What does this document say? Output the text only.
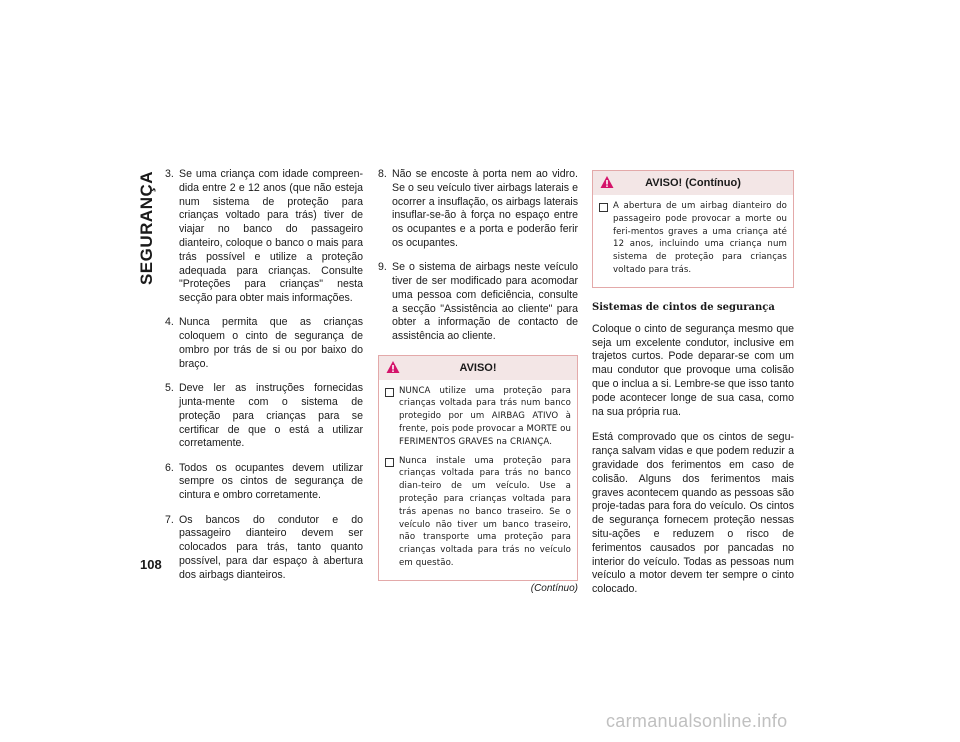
SEGURANÇA
108
3. Se uma criança com idade compreen-dida entre 2 e 12 anos (que não esteja num sistema de proteção para crianças voltado para trás) tiver de viajar no banco do passageiro dianteiro, coloque o banco o mais para trás possível e utilize a proteção adequada para crianças. Consulte "Proteções para crianças" nesta secção para obter mais informações.
4. Nunca permita que as crianças coloquem o cinto de segurança de ombro por trás de si ou por baixo do braço.
5. Deve ler as instruções fornecidas junta-mente com o sistema de proteção para crianças para se certificar de que o está a utilizar corretamente.
6. Todos os ocupantes devem utilizar sempre os cintos de segurança de cintura e ombro corretamente.
7. Os bancos do condutor e do passageiro dianteiro devem ser colocados para trás, tanto quanto possível, para dar espaço à abertura dos airbags dianteiros.
8. Não se encoste à porta nem ao vidro. Se o seu veículo tiver airbags laterais e ocorrer a insuflação, os airbags laterais insuflar-se-ão à força no espaço entre os ocupantes e a porta e poderão ferir os ocupantes.
9. Se o sistema de airbags neste veículo tiver de ser modificado para acomodar uma pessoa com deficiência, consulte a secção "Assistência ao cliente" para obter a informação de contacto de assistência ao cliente.
AVISO!
NUNCA utilize uma proteção para crianças voltada para trás num banco protegido por um AIRBAG ATIVO à frente, pois pode provocar a MORTE ou FERIMENTOS GRAVES na CRIANÇA.
Nunca instale uma proteção para crianças voltada para trás no banco dian-teiro de um veículo. Use a proteção para crianças voltada para trás apenas no banco traseiro. Se o veículo não tiver um banco traseiro, não transporte uma proteção para crianças voltada para trás no veículo em questão.
(Contínuo)
AVISO! (Contínuo)
A abertura de um airbag dianteiro do passageiro pode provocar a morte ou feri-mentos graves a uma criança até 12 anos, incluindo uma criança num sistema de proteção para crianças voltado para trás.
Sistemas de cintos de segurança

Coloque o cinto de segurança mesmo que seja um excelente condutor, inclusive em trajetos curtos. Pode deparar-se com um mau condutor que provoque uma colisão que o inclua a si. Lembre-se que isso tanto pode acontecer longe de sua casa, como na sua própria rua.

Está comprovado que os cintos de segu-rança salvam vidas e que podem reduzir a gravidade dos ferimentos em caso de colisão. Alguns dos ferimentos mais graves acontecem quando as pessoas são proje-tadas para fora do veículo. Os cintos de segurança fornecem proteção nessas situ-ações e reduzem o risco de ferimentos causados por pancadas no interior do veículo. Todas as pessoas num veículo a motor devem ter sempre o cinto colocado.

carmanualsonline.info
